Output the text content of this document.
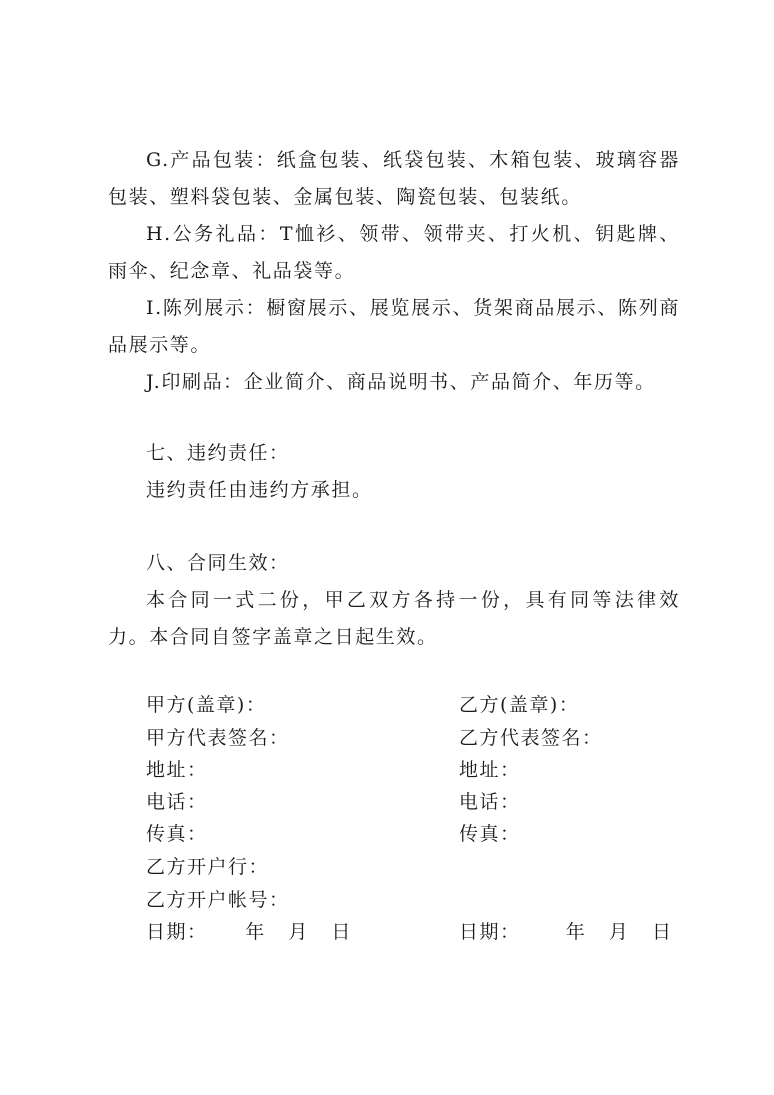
G.产品包装：纸盒包装、纸袋包装、木箱包装、玻璃容器包装、塑料袋包装、金属包装、陶瓷包装、包装纸。

H.公务礼品：T恤衫、领带、领带夹、打火机、钥匙牌、雨伞、纪念章、礼品袋等。

I.陈列展示：橱窗展示、展览展示、货架商品展示、陈列商品展示等。

J.印刷品：企业简介、商品说明书、产品简介、年历等。

七、违约责任：

违约责任由违约方承担。

八、合同生效：

本合同一式二份，甲乙双方各持一份，具有同等法律效力。本合同自签字盖章之日起生效。

甲方(盖章)：	乙方(盖章)：
甲方代表签名：	乙方代表签名：
地址：	地址：
电话：	电话：
传真：	传真：
乙方开户行：
乙方开户帐号：
日期：     年   月   日	日期：      年   月   日
